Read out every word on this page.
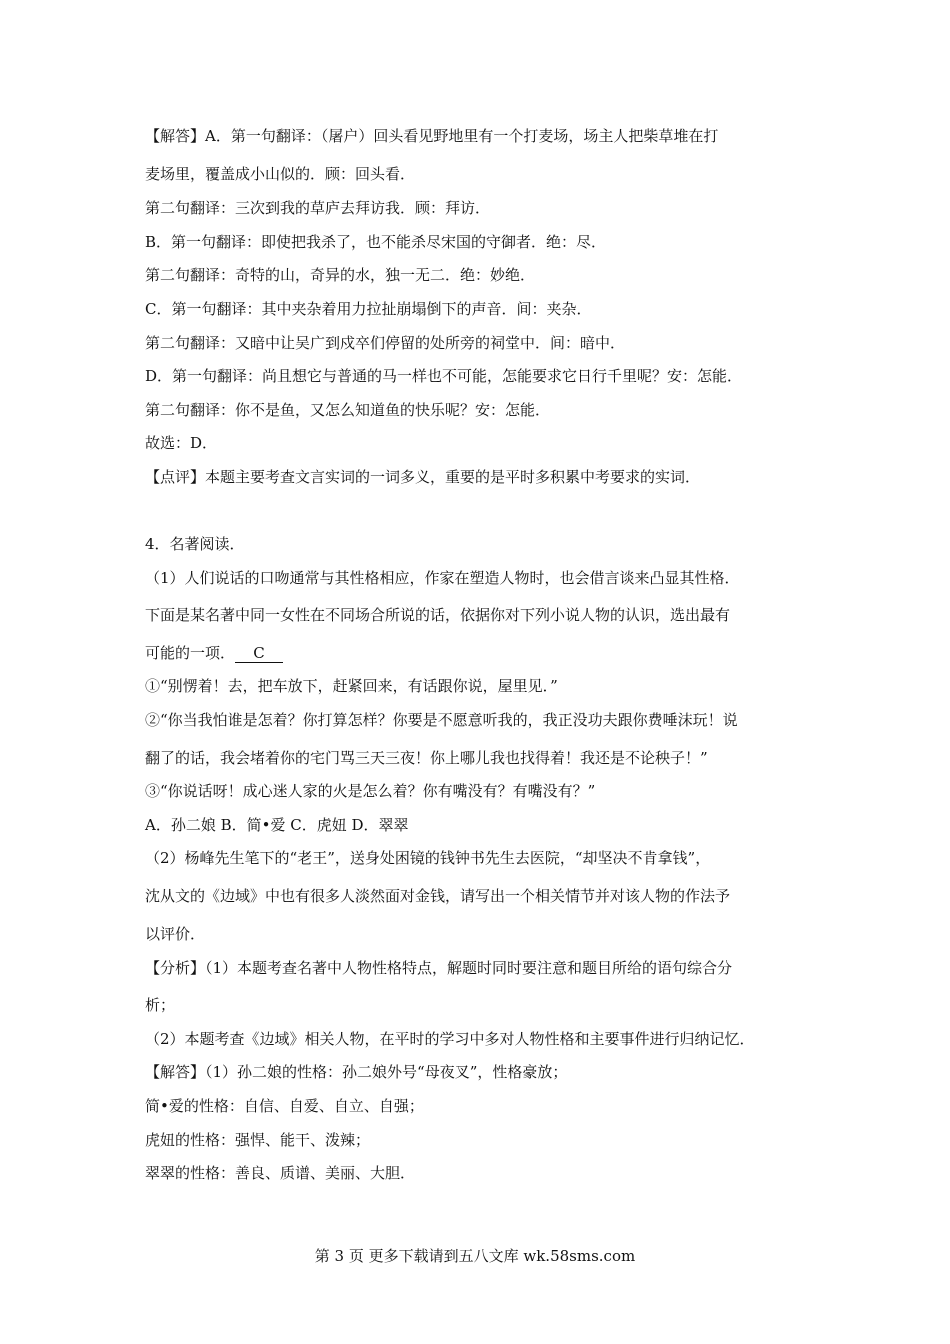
【解答】A．第一句翻译：（屠户）回头看见野地里有一个打麦场，场主人把柴草堆在打
麦场里，覆盖成小山似的．顾：回头看．
第二句翻译：三次到我的草庐去拜访我．顾：拜访．
B．第一句翻译：即使把我杀了，也不能杀尽宋国的守御者．绝：尽．
第二句翻译：奇特的山，奇异的水，独一无二．绝：妙绝．
C．第一句翻译：其中夹杂着用力拉扯崩塌倒下的声音．间：夹杂．
第二句翻译：又暗中让吴广到戍卒们停留的处所旁的祠堂中．间：暗中．
D．第一句翻译：尚且想它与普通的马一样也不可能，怎能要求它日行千里呢？安：怎能．
第二句翻译：你不是鱼，又怎么知道鱼的快乐呢？安：怎能．
故选：D．
【点评】本题主要考查文言实词的一词多义，重要的是平时多积累中考要求的实词．
4．名著阅读．
（1）人们说话的口吻通常与其性格相应，作家在塑造人物时，也会借言谈来凸显其性格．
下面是某名著中同一女性在不同场合所说的话，依据你对下列小说人物的认识，选出最有
可能的一项． C
①“别愣着！去，把车放下，赶紧回来，有话跟你说，屋里见．”
②“你当我怕谁是怎着？你打算怎样？你要是不愿意听我的，我正没功夫跟你费唾沫玩！说
翻了的话，我会堵着你的宅门骂三天三夜！你上哪儿我也找得着！我还是不论秧子！”
③“你说话呀！成心迷人家的火是怎么着？你有嘴没有？有嘴没有？”
A．孙二娘 B．简•爱 C．虎妞 D．翠翠
（2）杨峰先生笔下的“老王”，送身处困镜的钱钟书先生去医院，“却坚决不肯拿钱”，
沈从文的《边域》中也有很多人淡然面对金钱，请写出一个相关情节并对该人物的作法予
以评价．
【分析】（1）本题考查名著中人物性格特点，解题时同时要注意和题目所给的语句综合分
析；
（2）本题考查《边域》相关人物，在平时的学习中多对人物性格和主要事件进行归纳记忆．
【解答】（1）孙二娘的性格：孙二娘外号“母夜叉”，性格豪放；
简•爱的性格：自信、自爱、自立、自强；
虎妞的性格：强悍、能干、泼辣；
翠翠的性格：善良、质谱、美丽、大胆．
第 3 页 更多下载请到五八文库 wk.58sms.com
